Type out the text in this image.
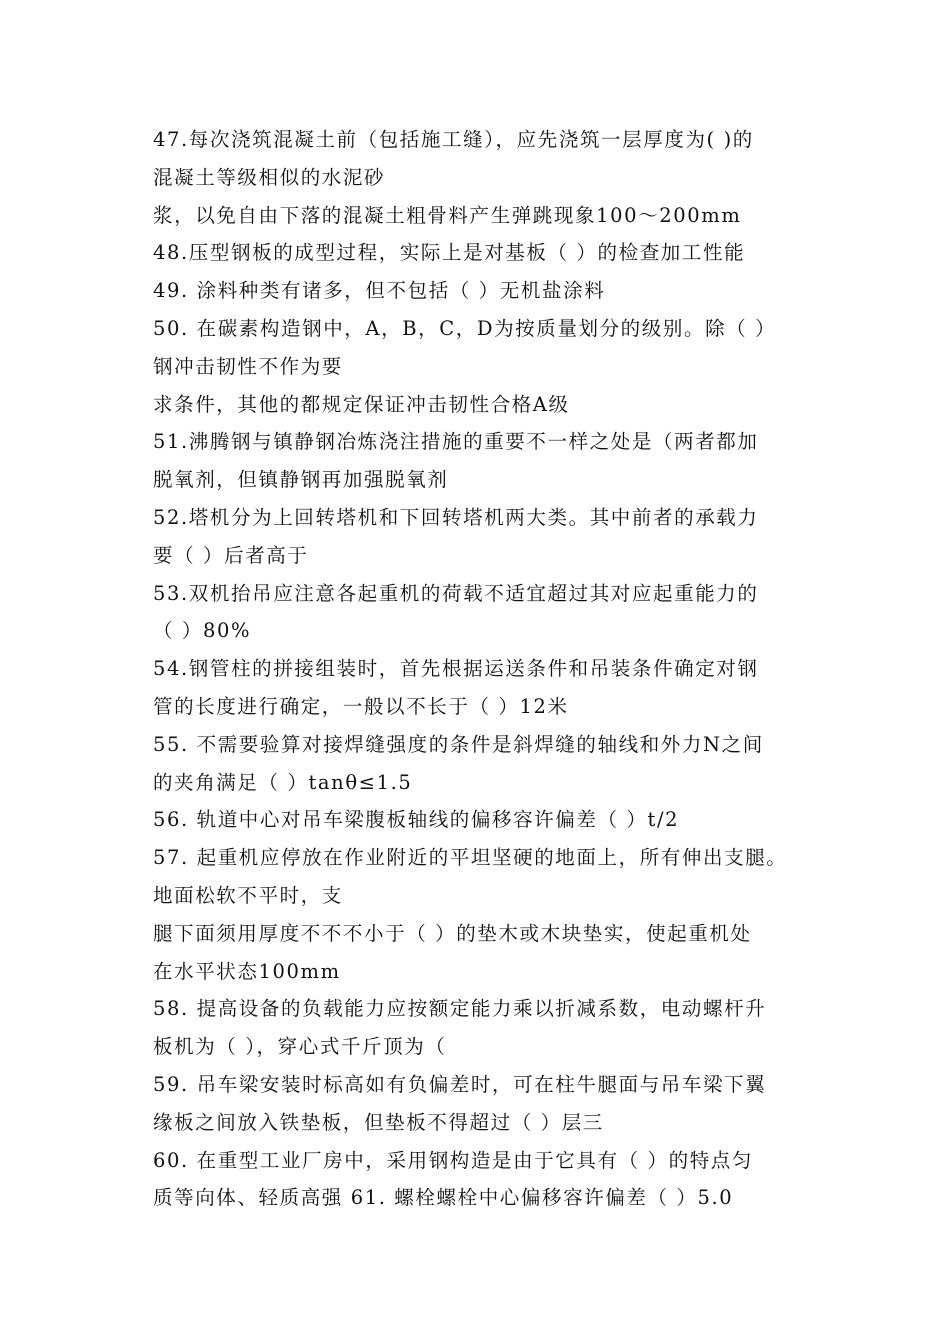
47.每次浇筑混凝土前（包括施工缝），应先浇筑一层厚度为( )的
混凝土等级相似的水泥砂
浆，以免自由下落的混凝土粗骨料产生弹跳现象100～200mm
48.压型钢板的成型过程，实际上是对基板（ ）的检查加工性能
49. 涂料种类有诸多，但不包括（ ）无机盐涂料
50. 在碳素构造钢中，A，B，C，D为按质量划分的级别。除（ ）
钢冲击韧性不作为要
求条件，其他的都规定保证冲击韧性合格A级
51.沸腾钢与镇静钢冶炼浇注措施的重要不一样之处是（两者都加
脱氧剂，但镇静钢再加强脱氧剂
52.塔机分为上回转塔机和下回转塔机两大类。其中前者的承载力
要（ ）后者高于
53.双机抬吊应注意各起重机的荷载不适宜超过其对应起重能力的
（ ）80%
54.钢管柱的拼接组装时，首先根据运送条件和吊装条件确定对钢
管的长度进行确定，一般以不长于（ ）12米
55. 不需要验算对接焊缝强度的条件是斜焊缝的轴线和外力N之间
的夹角满足（ ）tanθ≤1.5
56. 轨道中心对吊车梁腹板轴线的偏移容许偏差（ ）t/2
57. 起重机应停放在作业附近的平坦坚硬的地面上，所有伸出支腿。
地面松软不平时，支
腿下面须用厚度不不不小于（ ）的垫木或木块垫实，使起重机处
在水平状态100mm
58. 提高设备的负载能力应按额定能力乘以折减系数，电动螺杆升
板机为（ ），穿心式千斤顶为（
59. 吊车梁安装时标高如有负偏差时，可在柱牛腿面与吊车梁下翼
缘板之间放入铁垫板，但垫板不得超过（ ）层三
60. 在重型工业厂房中，采用钢构造是由于它具有（ ）的特点匀
质等向体、轻质高强 61. 螺栓螺栓中心偏移容许偏差（ ）5.0
